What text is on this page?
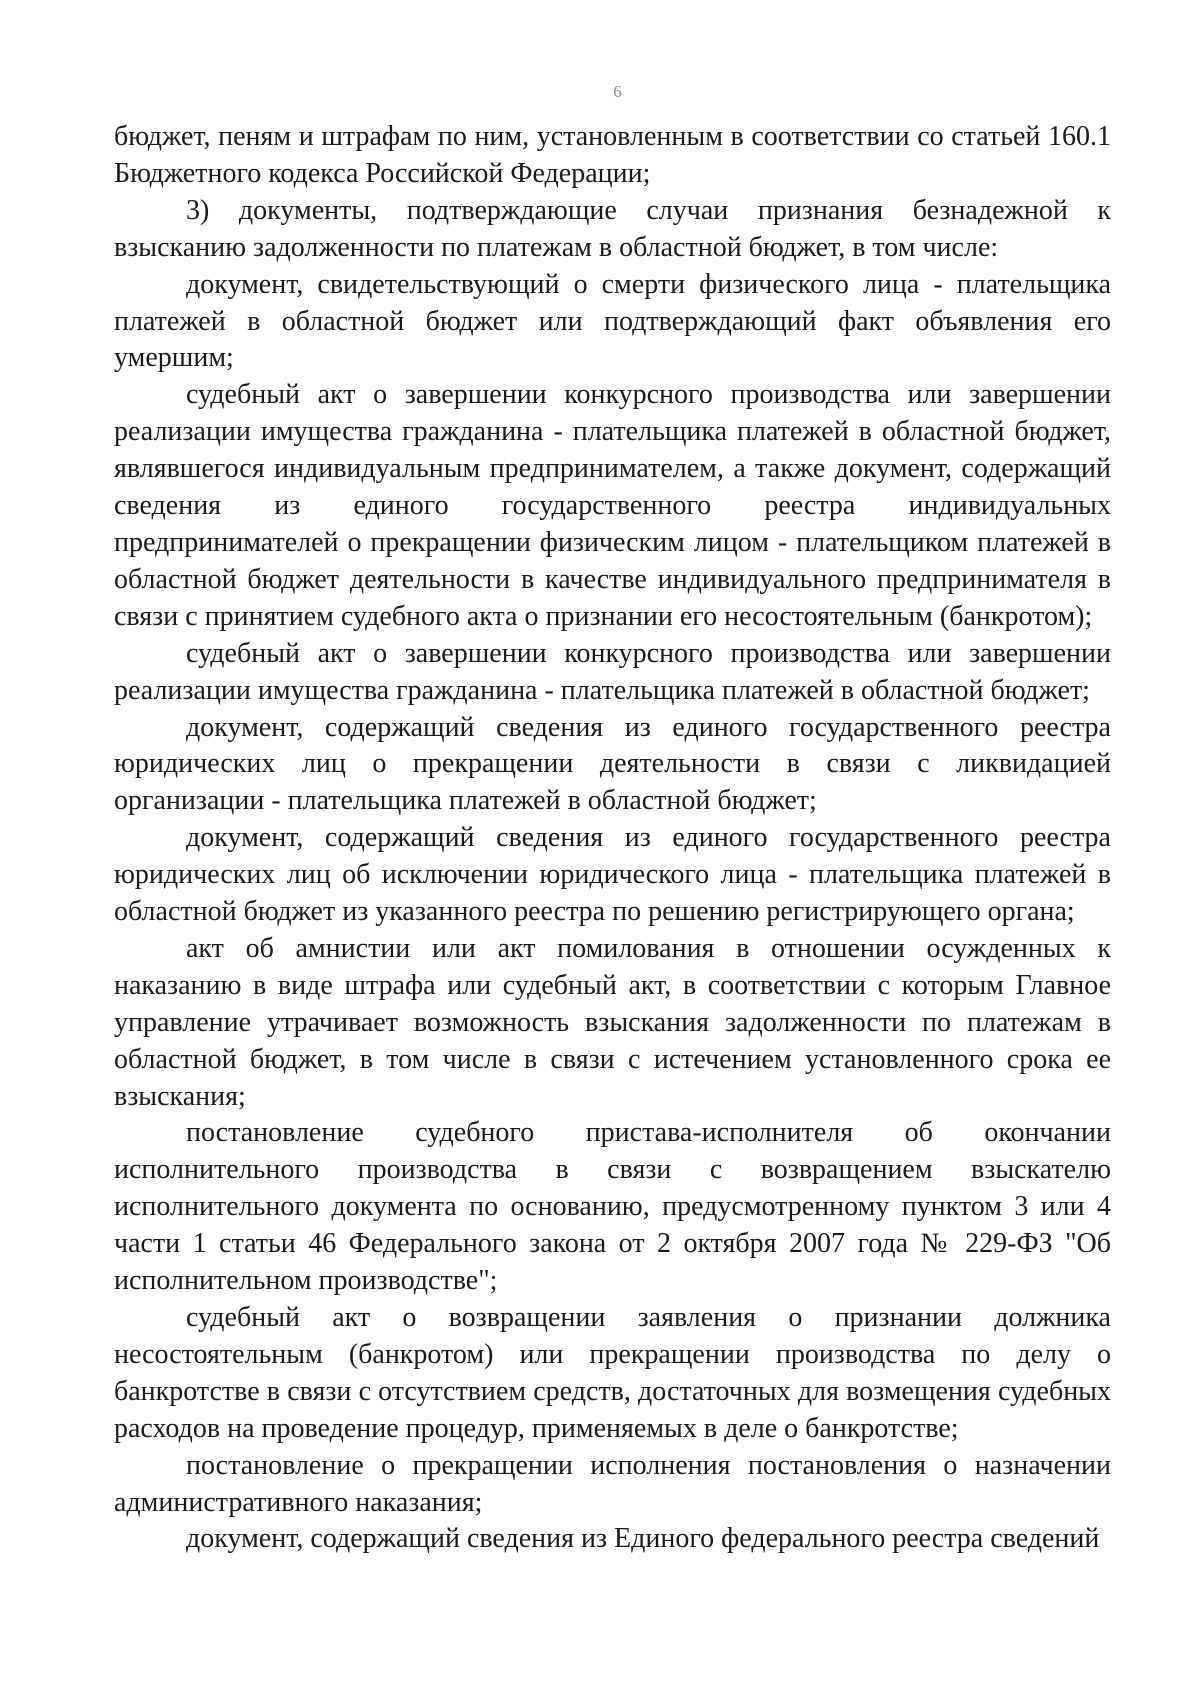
6

бюджет, пеням и штрафам по ним, установленным в соответствии со статьей 160.1 Бюджетного кодекса Российской Федерации;

3) документы, подтверждающие случаи признания безнадежной к взысканию задолженности по платежам в областной бюджет, в том числе:

документ, свидетельствующий о смерти физического лица - плательщика платежей в областной бюджет или подтверждающий факт объявления его умершим;

судебный акт о завершении конкурсного производства или завершении реализации имущества гражданина - плательщика платежей в областной бюджет, являвшегося индивидуальным предпринимателем, а также документ, содержащий сведения из единого государственного реестра индивидуальных предпринимателей о прекращении физическим лицом - плательщиком платежей в областной бюджет деятельности в качестве индивидуального предпринимателя в связи с принятием судебного акта о признании его несостоятельным (банкротом);

судебный акт о завершении конкурсного производства или завершении реализации имущества гражданина - плательщика платежей в областной бюджет;

документ, содержащий сведения из единого государственного реестра юридических лиц о прекращении деятельности в связи с ликвидацией организации - плательщика платежей в областной бюджет;

документ, содержащий сведения из единого государственного реестра юридических лиц об исключении юридического лица - плательщика платежей в областной бюджет из указанного реестра по решению регистрирующего органа;

акт об амнистии или акт помилования в отношении осужденных к наказанию в виде штрафа или судебный акт, в соответствии с которым Главное управление утрачивает возможность взыскания задолженности по платежам в областной бюджет, в том числе в связи с истечением установленного срока ее взыскания;

постановление судебного пристава-исполнителя об окончании исполнительного производства в связи с возвращением взыскателю исполнительного документа по основанию, предусмотренному пунктом 3 или 4 части 1 статьи 46 Федерального закона от 2 октября 2007 года № 229-ФЗ "Об исполнительном производстве";

судебный акт о возвращении заявления о признании должника несостоятельным (банкротом) или прекращении производства по делу о банкротстве в связи с отсутствием средств, достаточных для возмещения судебных расходов на проведение процедур, применяемых в деле о банкротстве;

постановление о прекращении исполнения постановления о назначении административного наказания;

документ, содержащий сведения из Единого федерального реестра сведений
